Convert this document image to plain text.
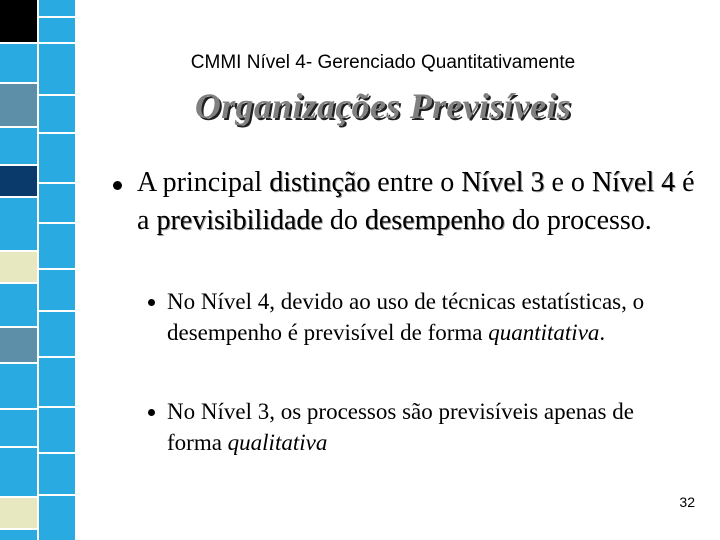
CMMI Nível 4- Gerenciado Quantitativamente
Organizações Previsíveis
A principal distinção entre o Nível 3 e o Nível 4 é a previsibilidade do desempenho do processo.
No Nível 4, devido ao uso de técnicas estatísticas, o desempenho é previsível de forma quantitativa.
No Nível 3, os processos são previsíveis apenas de forma qualitativa
32
